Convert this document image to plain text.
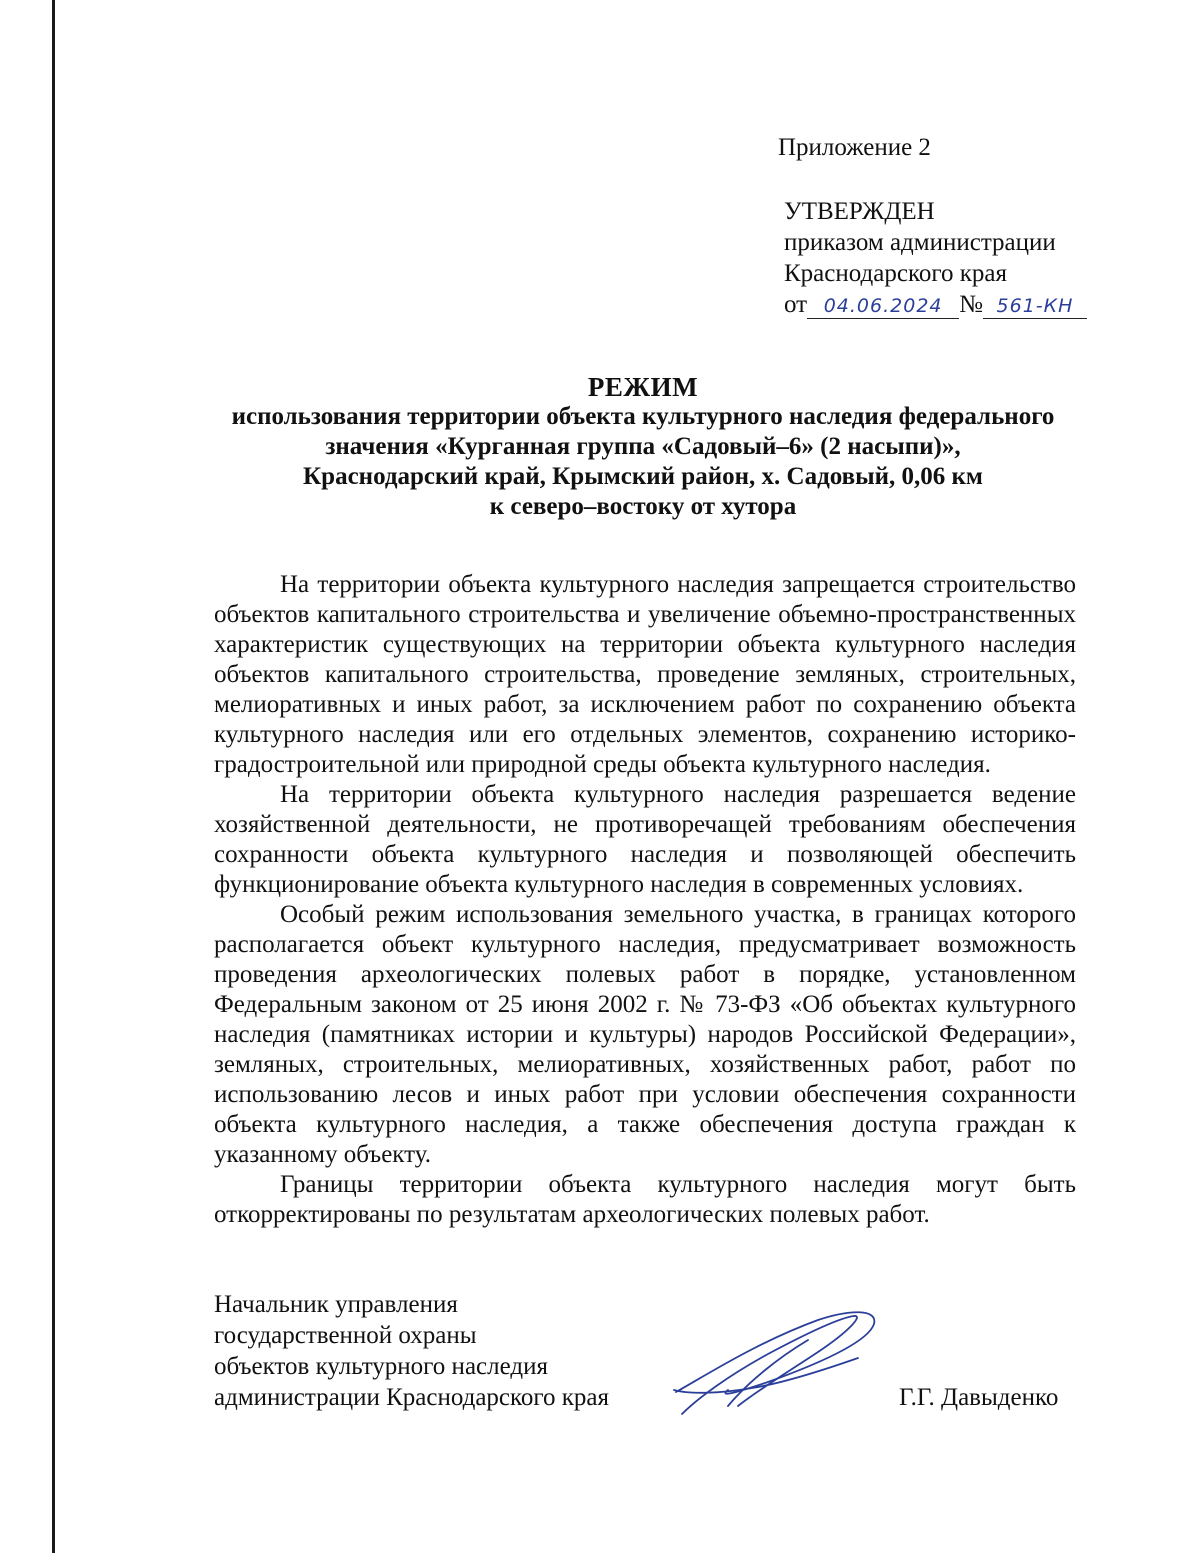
Приложение 2
УТВЕРЖДЕН
приказом администрации
Краснодарского края
от 04.06.2024 № 561-КН
РЕЖИМ
использования территории объекта культурного наследия федерального
значения «Курганная группа «Садовый–6» (2 насыпи)»,
Краснодарский край, Крымский район, х. Садовый, 0,06 км
к северо–востоку от хутора

На территории объекта культурного наследия запрещается строительство объектов капитального строительства и увеличение объемно-пространственных характеристик существующих на территории объекта культурного наследия объектов капитального строительства, проведение земляных, строительных, мелиоративных и иных работ, за исключением работ по сохранению объекта культурного наследия или его отдельных элементов, сохранению историко-градостроительной или природной среды объекта культурного наследия.

На территории объекта культурного наследия разрешается ведение хозяйственной деятельности, не противоречащей требованиям обеспечения сохранности объекта культурного наследия и позволяющей обеспечить функционирование объекта культурного наследия в современных условиях.

Особый режим использования земельного участка, в границах которого располагается объект культурного наследия, предусматривает возможность проведения археологических полевых работ в порядке, установленном Федеральным законом от 25 июня 2002 г. № 73-ФЗ «Об объектах культурного наследия (памятниках истории и культуры) народов Российской Федерации», земляных, строительных, мелиоративных, хозяйственных работ, работ по использованию лесов и иных работ при условии обеспечения сохранности объекта культурного наследия, а также обеспечения доступа граждан к указанному объекту.

Границы территории объекта культурного наследия могут быть откорректированы по результатам археологических полевых работ.

Начальник управления
государственной охраны
объектов культурного наследия
администрации Краснодарского края	Г.Г. Давыденко
